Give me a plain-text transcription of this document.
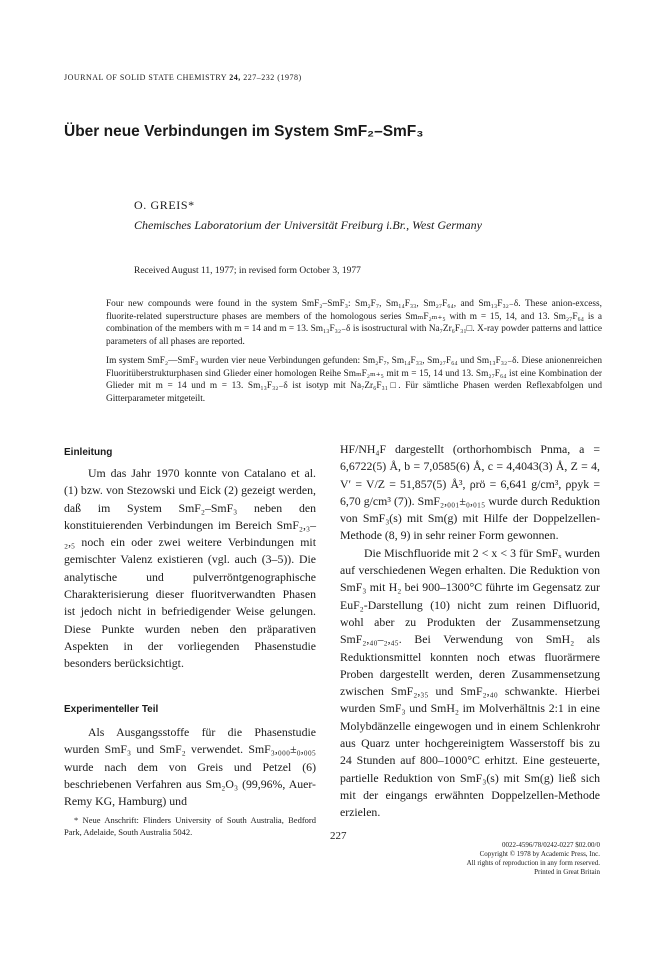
JOURNAL OF SOLID STATE CHEMISTRY 24, 227–232 (1978)
Über neue Verbindungen im System SmF₂–SmF₃
O. GREIS*
Chemisches Laboratorium der Universität Freiburg i.Br., West Germany
Received August 11, 1977; in revised form October 3, 1977

Four new compounds were found in the system SmF₂–SmF₃: Sm₂F₇, Sm₁₄F₃₃, Sm₂₇F₆₄, and Sm₁₃F₃₂₋δ. These anion-excess, fluorite-related superstructure phases are members of the homologous series SmₘF₂ₘ₊₅ with m = 15, 14, and 13. Sm₂₇F₆₄ is a combination of the members with m = 14 and m = 13. Sm₁₃F₃₂₋δ is isostructural with Na₇Zr₆F₃₁□. X-ray powder patterns and lattice parameters of all phases are reported.

Im system SmF₂—SmF₃ wurden vier neue Verbindungen gefunden: Sm₂F₇, Sm₁₄F₃₃, Sm₂₇F₆₄ und Sm₁₃F₃₂₋δ. Diese anionenreichen Fluoritüberstrukturphasen sind Glieder einer homologen Reihe SmₘF₂ₘ₊₅ mit m = 15, 14 und 13. Sm₂₇F₆₄ ist eine Kombination der Glieder mit m = 14 und m = 13. Sm₁₃F₃₂₋δ ist isotyp mit Na₇Zr₆F₃₁□. Für sämtliche Phasen werden Reflexabfolgen und Gitterparameter mitgeteilt.

Einleitung

Um das Jahr 1970 konnte von Catalano et al. (1) bzw. von Stezowski und Eick (2) gezeigt werden, daß im System SmF₂–SmF₃ neben den konstituierenden Verbindungen im Bereich SmF₂,₃–₂,₅ noch ein oder zwei weitere Verbindungen mit gemischter Valenz existieren (vgl. auch (3–5)). Die analytische und pulverröntgenographische Charakterisierung dieser fluoritverwandten Phasen ist jedoch nicht in befriedigender Weise gelungen. Diese Punkte wurden neben den präparativen Aspekten in der vorliegenden Phasenstudie besonders berücksichtigt.

Experimenteller Teil

Als Ausgangsstoffe für die Phasenstudie wurden SmF₃ und SmF₂ verwendet. SmF₃,₀₀₀±₀,₀₀₅ wurde nach dem von Greis und Petzel (6) beschriebenen Verfahren aus Sm₂O₃ (99,96%, Auer-Remy KG, Hamburg) und

* Neue Anschrift: Flinders University of South Australia, Bedford Park, Adelaide, South Australia 5042.

HF/NH₄F dargestellt (orthorhombisch Pnma, a = 6,6722(5) Å, b = 7,0585(6) Å, c = 4,4043(3) Å, Z = 4, V′ = V/Z = 51,857(5) Å³, ρrö = 6,641 g/cm³, ρpyk = 6,70 g/cm³ (7)). SmF₂,₀₀₁±₀,₀₁₅ wurde durch Reduktion von SmF₃(s) mit Sm(g) mit Hilfe der Doppelzellen-Methode (8, 9) in sehr reiner Form gewonnen.

Die Mischfluoride mit 2 < x < 3 für SmFₓ wurden auf verschiedenen Wegen erhalten. Die Reduktion von SmF₃ mit H₂ bei 900–1300°C führte im Gegensatz zur EuF₂-Darstellung (10) nicht zum reinen Difluorid, wohl aber zu Produkten der Zusammensetzung SmF₂,₄₀–₂,₄₅. Bei Verwendung von SmH₂ als Reduktionsmittel konnten noch etwas fluorärmere Proben dargestellt werden, deren Zusammensetzung zwischen SmF₂,₃₅ und SmF₂,₄₀ schwankte. Hierbei wurden SmF₃ und SmH₂ im Molverhältnis 2:1 in eine Molybdänzelle eingewogen und in einem Schlenkrohr aus Quarz unter hochgereinigtem Wasserstoff bis zu 24 Stunden auf 800–1000°C erhitzt. Eine gesteuerte, partielle Reduktion von SmF₃(s) mit Sm(g) ließ sich mit der eingangs erwähnten Doppelzellen-Methode erzielen.

227
0022-4596/78/0242-0227 $02.00/0
Copyright © 1978 by Academic Press, Inc.
All rights of reproduction in any form reserved.
Printed in Great Britain
